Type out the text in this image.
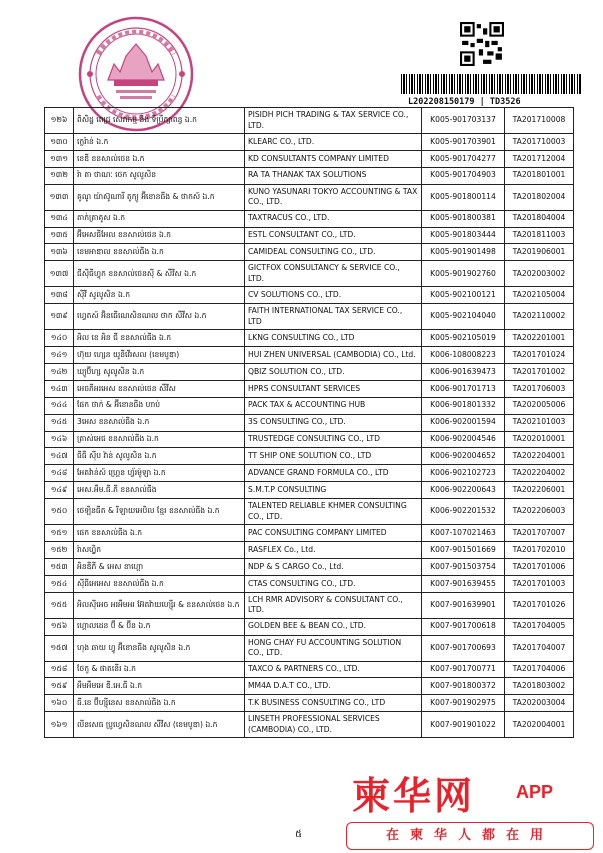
L202208150179 | TD3526
១២៦	ពិសិដ្ឋ ពេជ្រ សេវាកម្ម និង ទីប្រឹក្សាពន្ធ ឯ.ក	PISIDH PICH TRADING & TAX SERVICE CO., LTD.	K005-901703137	TA201710008
១៣០	ក្លេរ៉ាន់ ឯ.ក	KLEARC CO., LTD.	K005-901703901	TA201710003
១៣១	ខេឌី ខនសាល់ថេន ឯ.ក	KD CONSULTANTS COMPANY LIMITED	K005-901704277	TA201712004
១៣២	រ៉ា តា ថាណៈ ថេក សូលូសិន	RA TA THANAK TAX SOLUTIONS	K005-901704903	TA201801001
១៣៣	គូណូ យ៉ាស៊ូណារី តូក្យូ អ៊ីខោនធីង & ថាកស៍ ឯ.ក	KUNO YASUNARI TOKYO ACCOUNTING & TAX CO., LTD.	K005-901800114	TA201802004
១៣៤	តាក់ត្រាគូស ឯ.ក	TAXTRACUS CO., LTD.	K005-901800381	TA201804004
១៣៥	អ៊ីអេសធីអែល ខនសាល់ថេន ឯ.ក	ESTL CONSULTANT CO., LTD.	K005-901803444	TA201811003
១៣៦	ខេមអាឌាល ខនសាល់ធីង ឯ.ក	CAMIDEAL CONSULTING CO., LTD.	K005-901901498	TA201906001
១៣៧	ជីស៊ីធីហ្វុក ខនសាល់ថេនស៊ី & សឺវីស ឯ.ក	GICTFOX CONSULTANCY & SERVICE CO., LTD.	K005-901902760	TA202003002
១៣៨	ស៊ីវី សូលូសិន ឯ.ក	CV SOLUTIONS CO., LTD.	K005-902100121	TA202105004
១៣៩	ហ្វេតស៍ អ៊ិនធើណេសិនណល ថាក សឺវីស ឯ.ក	FAITH INTERNATIONAL TAX SERVICE CO., LTD	K005-902104040	TA202110002
១៤០	អិល ខេ អិន ជី ខនសាល់ធីង ឯ.ក	LKNG CONSULTING CO., LTD	K005-902105019	TA202201001
១៤១	ហ៊ុយ ហ្សេន យូនីវើរសល (ខេមបូឌា)	HUI ZHEN UNIVERSAL (CAMBODIA) CO., Ltd.	K006-108008223	TA201701024
១៤២	ឃ្យូប៊ីហ្ស សូលូសិន ឯ.ក	QBIZ SOLUTION CO., LTD.	K006-901639473	TA201701002
១៤៣	អេចភីអរអេស ខនសាល់ថេន សឺវីស	HPRS CONSULTANT SERVICES	K006-901701713	TA201706003
១៤៤	ផែក ថាក់ & អ៊ីខោនធីង ហាប់	PACK TAX & ACCOUNTING HUB	K006-901801332	TA202005006
១៤៥	3អេស ខនសាល់ធីង ឯ.ក	3S CONSULTING CO., LTD.	K006-902001594	TA202101003
១៤៦	ត្រាស់អេជ ខនសាល់ធីង ឯ.ក	TRUSTEDGE CONSULTING CO., LTD	K006-902004546	TA202010001
១៤៧	ធីធី ស៊ីប វ៉ាន់ សូលូសិន ឯ.ក	TT SHIP ONE SOLUTION CO., LTD	K006-902004652	TA202204001
១៤៨	អែតវ៉ាន់ស៍ ហ្គ្រេន ហ្វ័រម៉ូឡា ឯ.ក	ADVANCE GRAND FORMULA CO., LTD	K006-902102723	TA202204002
១៤៩	អេស.អឹម.ធី.ភី ខនសាល់ធីង	S.M.T.P CONSULTING	K006-902200643	TA202206001
១៥០	ថេឡិនធីត & រីឡាយអេបិល ខ្មែរ ខនសាល់ធីង ឯ.ក	TALENTED RELIABLE KHMER CONSULTING CO., LTD.	K006-902201532	TA202206003
១៥១	ផេក ខនសាល់ធីង ឯ.ក	PAC CONSULTING COMPANY LIMITED	K007-107021463	TA201707007
១៥២	រ៉ាសហ្វ្លិក	RASFLEX Co., Ltd.	K007-901501669	TA201702010
១៥៣	អិនឌីភី & អេស ខាហ្គោ	NDP & S CARGO Co., Ltd.	K007-901503754	TA201701006
១៥៤	ស៊ីធីអេអេស ខនសាល់ធីង ឯ.ក	CTAS CONSULTING CO., LTD.	K007-901639455	TA201701003
១៥៥	អិលស៊ីអេច អរអឹមអរ អ៊ែតវ៉ាយហ្ស៊ើរ & ខនសាល់ថេន ឯ.ក	LCH RMR ADVISORY & CONSULTANT CO., LTD.	K007-901639901	TA201701026
១៥៦	ហ្គោលដេន ប៊ី & ប៊ីន ឯ.ក	GOLDEN BEE & BEAN CO., LTD.	K007-901700618	TA201704005
១៥៧	ហុង ឆាយ ហ្វូ អ៊ីខោនធីង សូលូសិន ឯ.ក	HONG CHAY FU ACCOUNTING SOLUTION CO., LTD.	K007-901700693	TA201704007
១៥៨	ថែកូ & ផាតនើរ ឯ.ក	TAXCO & PARTNERS CO., LTD.	K007-901700771	TA201704006
១៥៩	អឹមអឹមអេ ឌី.អេ.ធី ឯ.ក	MM4A D.A.T CO., LTD.	K007-901800372	TA201803002
១៦០	ធី.ខេ ប៊ីហ្ស៊ីនេស ខនសាល់ធីង ឯ.ក	T.K BUSINESS CONSULTING CO., LTD	K007-901902975	TA202003004
១៦១	លីនសេធ ប្រូហ្វេសិនណល សឺវីស (ខេមបូឌា) ឯ.ក	LINSETH PROFESSIONAL SERVICES (CAMBODIA) CO., LTD.	K007-901901022	TA202004001
៥
柬华网 APP
在柬华人都在用
